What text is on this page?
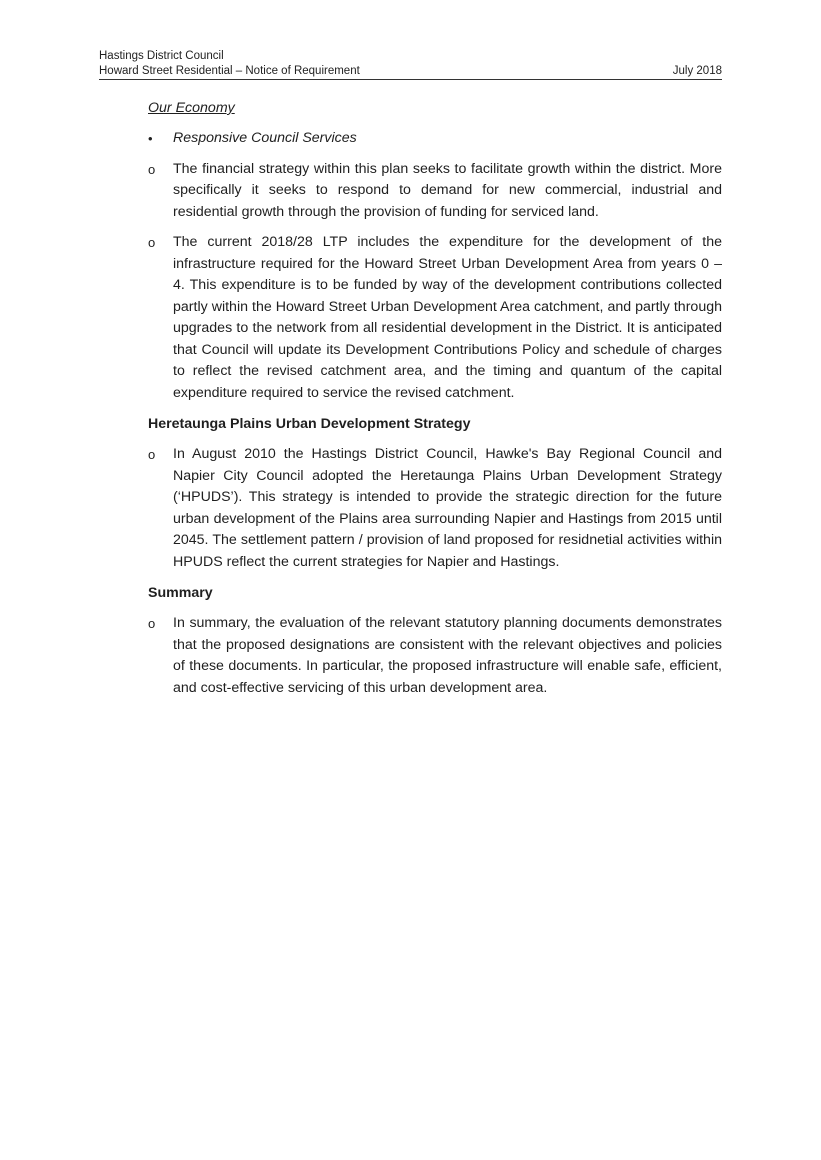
Hastings District Council
Howard Street Residential – Notice of Requirement	July 2018
Our Economy
•	Responsive Council Services
o	The financial strategy within this plan seeks to facilitate growth within the district. More specifically it seeks to respond to demand for new commercial, industrial and residential growth through the provision of funding for serviced land.
o	The current 2018/28 LTP includes the expenditure for the development of the infrastructure required for the Howard Street Urban Development Area from years 0 – 4. This expenditure is to be funded by way of the development contributions collected partly within the Howard Street Urban Development Area catchment, and partly through upgrades to the network from all residential development in the District. It is anticipated that Council will update its Development Contributions Policy and schedule of charges to reflect the revised catchment area, and the timing and quantum of the capital expenditure required to service the revised catchment.
Heretaunga Plains Urban Development Strategy
o	In August 2010 the Hastings District Council, Hawke's Bay Regional Council and Napier City Council adopted the Heretaunga Plains Urban Development Strategy (‘HPUDS’). This strategy is intended to provide the strategic direction for the future urban development of the Plains area surrounding Napier and Hastings from 2015 until 2045. The settlement pattern / provision of land proposed for residnetial activities within HPUDS reflect the current strategies for Napier and Hastings.
Summary
o	In summary, the evaluation of the relevant statutory planning documents demonstrates that the proposed designations are consistent with the relevant objectives and policies of these documents. In particular, the proposed infrastructure will enable safe, efficient, and cost-effective servicing of this urban development area.
